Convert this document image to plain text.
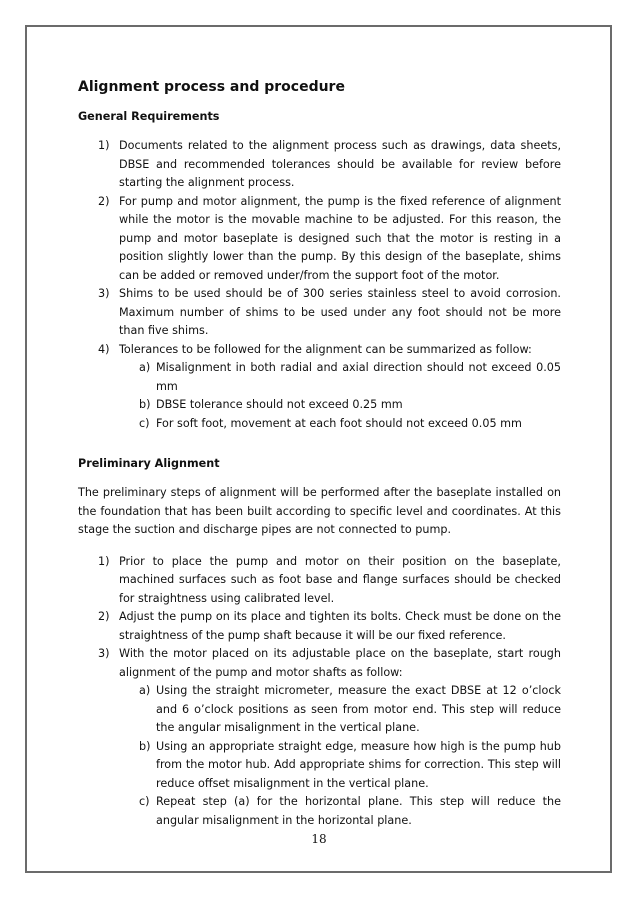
Alignment process and procedure
General Requirements
1) Documents related to the alignment process such as drawings, data sheets, DBSE and recommended tolerances should be available for review before starting the alignment process.
2) For pump and motor alignment, the pump is the fixed reference of alignment while the motor is the movable machine to be adjusted. For this reason, the pump and motor baseplate is designed such that the motor is resting in a position slightly lower than the pump. By this design of the baseplate, shims can be added or removed under/from the support foot of the motor.
3) Shims to be used should be of 300 series stainless steel to avoid corrosion. Maximum number of shims to be used under any foot should not be more than five shims.
4) Tolerances to be followed for the alignment can be summarized as follow:
a) Misalignment in both radial and axial direction should not exceed 0.05 mm
b) DBSE tolerance should not exceed 0.25 mm
c) For soft foot, movement at each foot should not exceed 0.05 mm
Preliminary Alignment

The preliminary steps of alignment will be performed after the baseplate installed on the foundation that has been built according to specific level and coordinates. At this stage the suction and discharge pipes are not connected to pump.

1) Prior to place the pump and motor on their position on the baseplate, machined surfaces such as foot base and flange surfaces should be checked for straightness using calibrated level.
2) Adjust the pump on its place and tighten its bolts. Check must be done on the straightness of the pump shaft because it will be our fixed reference.
3) With the motor placed on its adjustable place on the baseplate, start rough alignment of the pump and motor shafts as follow:
a) Using the straight micrometer, measure the exact DBSE at 12 o’clock and 6 o’clock positions as seen from motor end. This step will reduce the angular misalignment in the vertical plane.
b) Using an appropriate straight edge, measure how high is the pump hub from the motor hub. Add appropriate shims for correction. This step will reduce offset misalignment in the vertical plane.
c) Repeat step (a) for the horizontal plane. This step will reduce the angular misalignment in the horizontal plane.
18
